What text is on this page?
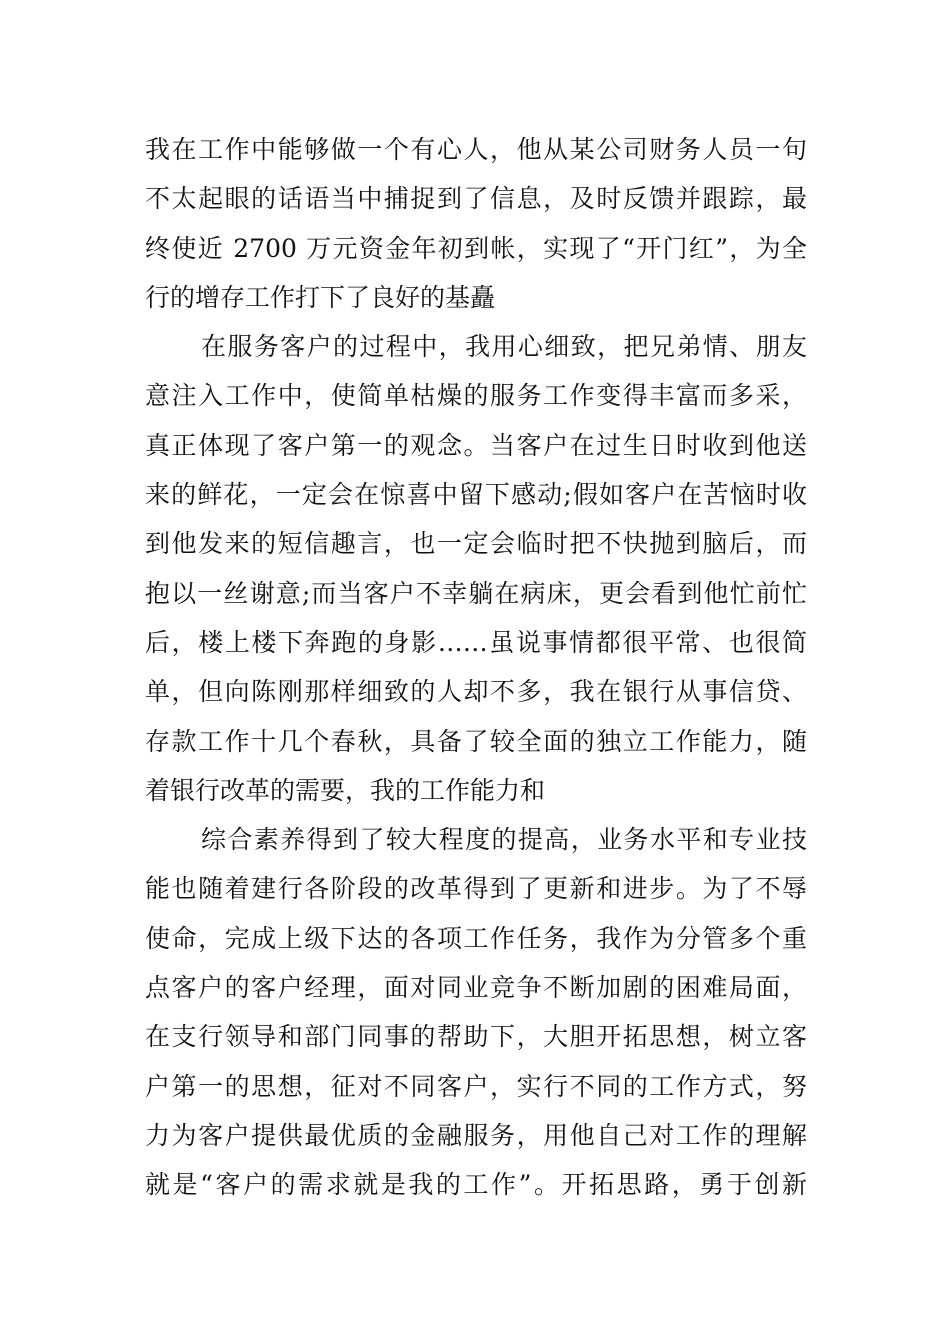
我在工作中能够做一个有心人，他从某公司财务人员一句
不太起眼的话语当中捕捉到了信息，及时反馈并跟踪，最
终使近 2700 万元资金年初到帐，实现了“开门红”，为全
行的增存工作打下了良好的基矗

在服务客户的过程中，我用心细致，把兄弟情、朋友
意注入工作中，使简单枯燥的服务工作变得丰富而多采，
真正体现了客户第一的观念。当客户在过生日时收到他送
来的鲜花，一定会在惊喜中留下感动;假如客户在苦恼时收
到他发来的短信趣言，也一定会临时把不快抛到脑后，而
抱以一丝谢意;而当客户不幸躺在病床，更会看到他忙前忙
后，楼上楼下奔跑的身影……虽说事情都很平常、也很简
单，但向陈刚那样细致的人却不多，我在银行从事信贷、
存款工作十几个春秋，具备了较全面的独立工作能力，随
着银行改革的需要，我的工作能力和

综合素养得到了较大程度的提高，业务水平和专业技
能也随着建行各阶段的改革得到了更新和进步。为了不辱
使命，完成上级下达的各项工作任务，我作为分管多个重
点客户的客户经理，面对同业竞争不断加剧的困难局面，
在支行领导和部门同事的帮助下，大胆开拓思想，树立客
户第一的思想，征对不同客户，实行不同的工作方式，努
力为客户提供最优质的金融服务，用他自己对工作的理解
就是“客户的需求就是我的工作”。开拓思路，勇于创新
